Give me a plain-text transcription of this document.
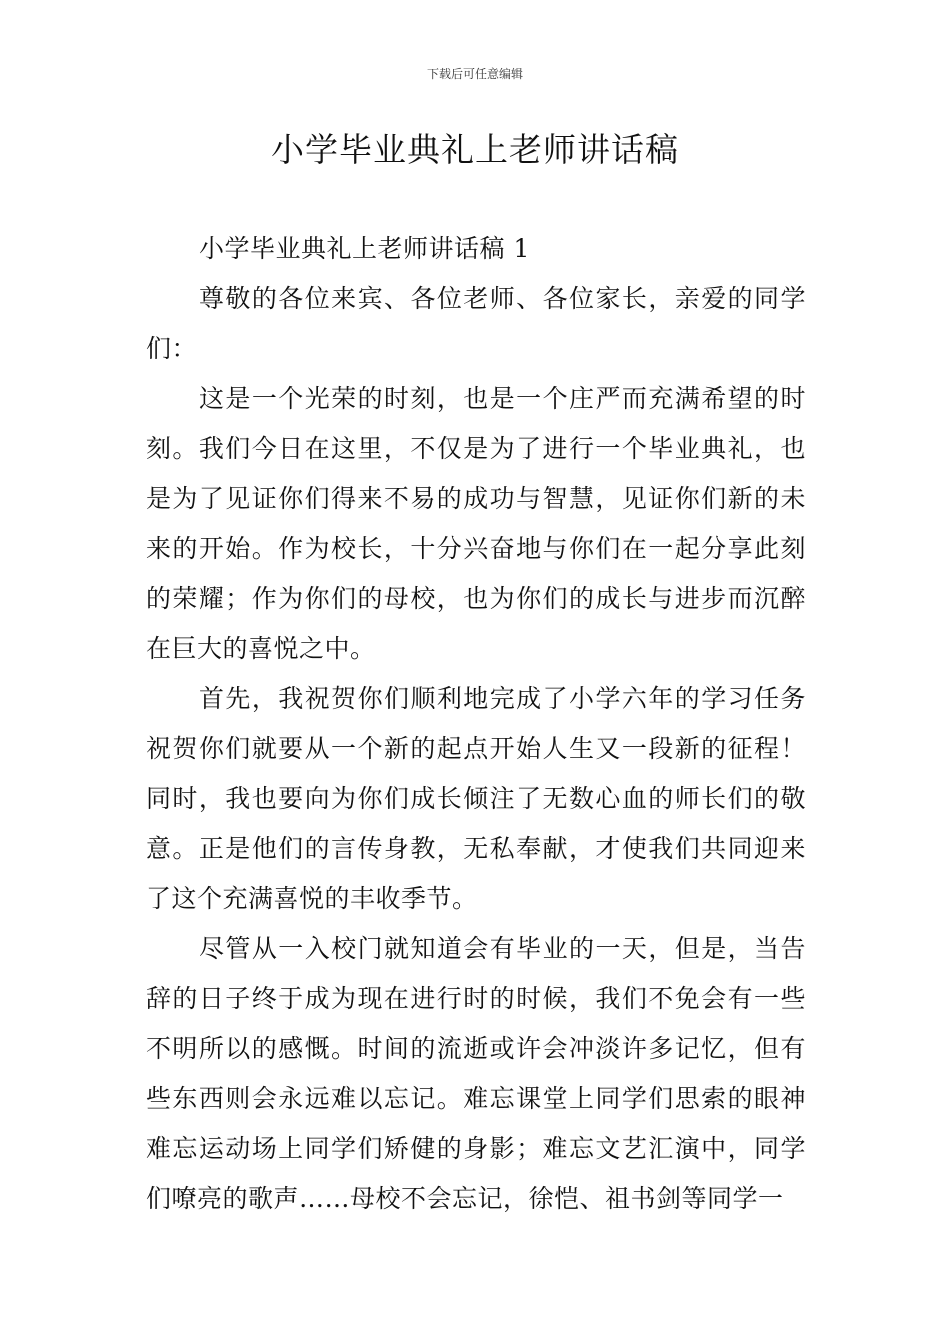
下载后可任意编辑
小学毕业典礼上老师讲话稿

小学毕业典礼上老师讲话稿 1

尊敬的各位来宾、各位老师、各位家长，亲爱的同学们：

这是一个光荣的时刻，也是一个庄严而充满希望的时刻。我们今日在这里，不仅是为了进行一个毕业典礼，也是为了见证你们得来不易的成功与智慧，见证你们新的未来的开始。作为校长，十分兴奋地与你们在一起分享此刻的荣耀；作为你们的母校，也为你们的成长与进步而沉醉在巨大的喜悦之中。

首先，我祝贺你们顺利地完成了小学六年的学习任务祝贺你们就要从一个新的起点开始人生又一段新的征程！同时，我也要向为你们成长倾注了无数心血的师长们的敬意。正是他们的言传身教，无私奉献，才使我们共同迎来了这个充满喜悦的丰收季节。

尽管从一入校门就知道会有毕业的一天，但是，当告辞的日子终于成为现在进行时的时候，我们不免会有一些不明所以的感慨。时间的流逝或许会冲淡许多记忆，但有些东西则会永远难以忘记。难忘课堂上同学们思索的眼神难忘运动场上同学们矫健的身影；难忘文艺汇演中，同学们嘹亮的歌声……母校不会忘记，徐恺、祖书剑等同学一
